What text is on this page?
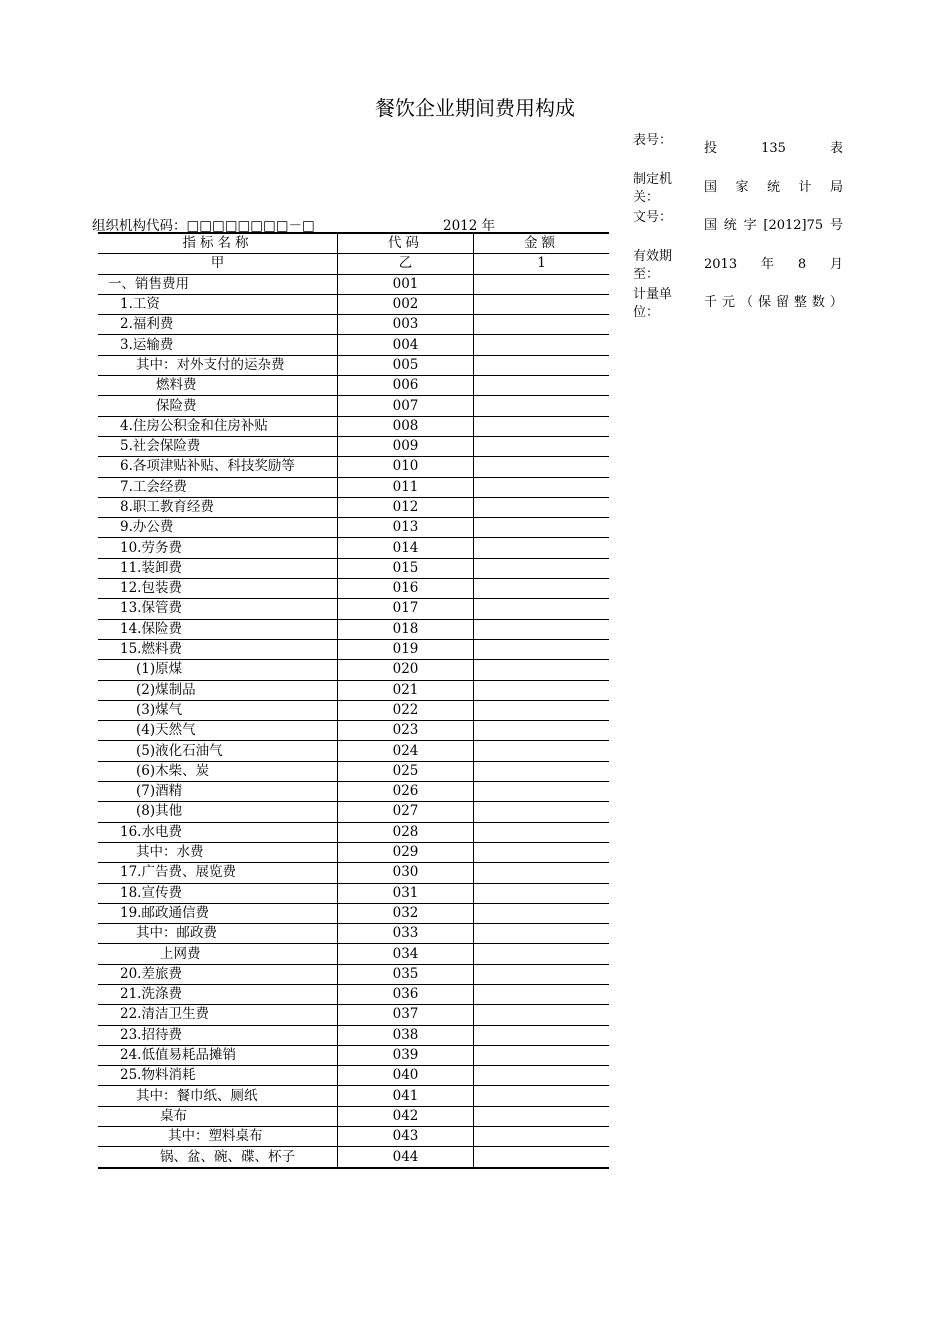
餐饮企业期间费用构成
表号：
投	135	表
制定机关：
国 家 统 计 局
文号：
国 统 字 [2012]75 号
有效期至：
2013 年 8 月
计量单位：
千 元 （ 保 留 整 数 ）
组织机构代码：□□□□□□□□－□	2012 年
指标名称	代码	金额
甲	乙	1
一、销售费用	001	
1.工资	002	
2.福利费	003	
3.运输费	004	
其中：对外支付的运杂费	005	
燃料费	006	
保险费	007	
4.住房公积金和住房补贴	008	
5.社会保险费	009	
6.各项津贴补贴、科技奖励等	010	
7.工会经费	011	
8.职工教育经费	012	
9.办公费	013	
10.劳务费	014	
11.装卸费	015	
12.包装费	016	
13.保管费	017	
14.保险费	018	
15.燃料费	019	
(1)原煤	020	
(2)煤制品	021	
(3)煤气	022	
(4)天然气	023	
(5)液化石油气	024	
(6)木柴、炭	025	
(7)酒精	026	
(8)其他	027	
16.水电费	028	
其中：水费	029	
17.广告费、展览费	030	
18.宣传费	031	
19.邮政通信费	032	
其中：邮政费	033	
上网费	034	
20.差旅费	035	
21.洗涤费	036	
22.清洁卫生费	037	
23.招待费	038	
24.低值易耗品摊销	039	
25.物料消耗	040	
其中：餐巾纸、厕纸	041	
桌布	042	
其中：塑料桌布	043	
锅、盆、碗、碟、杯子	044	
